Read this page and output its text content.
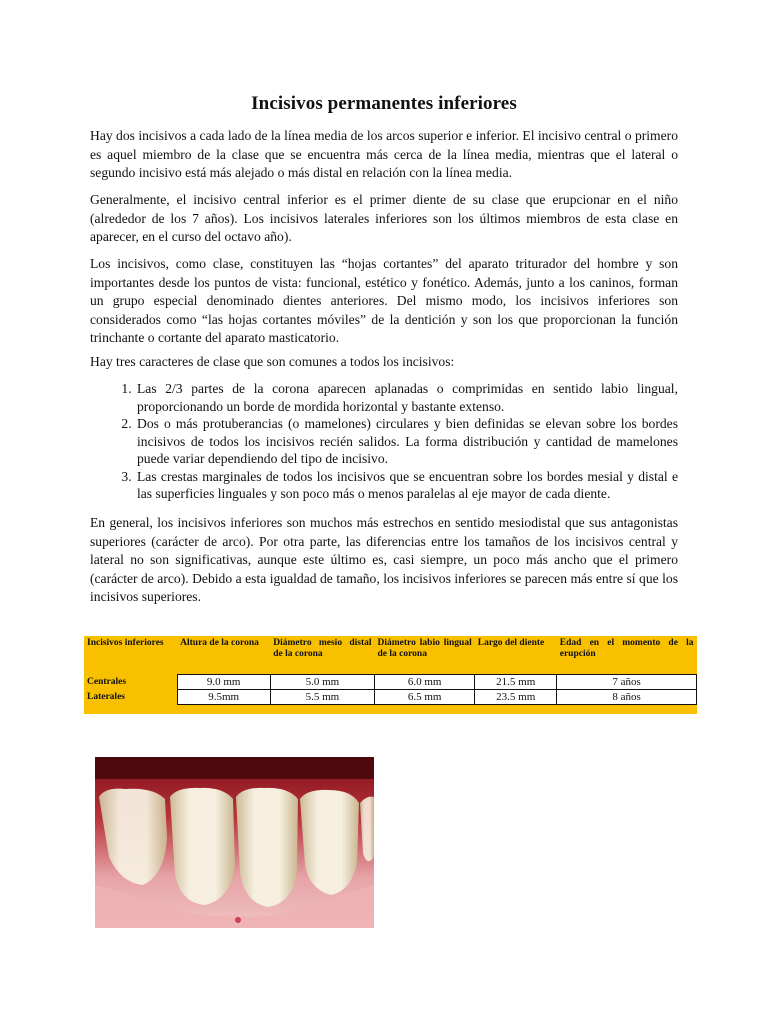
Incisivos permanentes inferiores

Hay dos incisivos a cada lado de la línea media de los arcos superior e inferior. El incisivo central o primero es aquel miembro de la clase que se encuentra más cerca de la línea media, mientras que el lateral o segundo incisivo está más alejado o más distal en relación con la línea media.

Generalmente, el incisivo central inferior es el primer diente de su clase que erupcionar en el niño (alrededor de los 7 años). Los incisivos laterales inferiores son los últimos miembros de esta clase en aparecer, en el curso del octavo año).

Los incisivos, como clase, constituyen las “hojas cortantes” del aparato triturador del hombre y son importantes desde los puntos de vista: funcional, estético y fonético. Además, junto a los caninos, forman un grupo especial denominado dientes anteriores. Del mismo modo, los incisivos inferiores son considerados como “las hojas cortantes móviles” de la dentición y son los que proporcionan la función trinchante o cortante del aparato masticatorio.

Hay tres caracteres de clase que son comunes a todos los incisivos:

1. Las 2/3 partes de la corona aparecen aplanadas o comprimidas en sentido labio lingual, proporcionando un borde de mordida horizontal y bastante extenso.
2. Dos o más protuberancias (o mamelones) circulares y bien definidas se elevan sobre los bordes incisivos de todos los incisivos recién salidos. La forma distribución y cantidad de mamelones puede variar dependiendo del tipo de incisivo.
3. Las crestas marginales de todos los incisivos que se encuentran sobre los bordes mesial y distal e las superficies linguales y son poco más o menos paralelas al eje mayor de cada diente.

En general, los incisivos inferiores son muchos más estrechos en sentido mesiodistal que sus antagonistas superiores (carácter de arco). Por otra parte, las diferencias entre los tamaños de los incisivos central y lateral no son significativas, aunque este último es, casi siempre, un poco más ancho que el primero (carácter de arco). Debido a esta igualdad de tamaño, los incisivos inferiores se parecen más entre sí que los incisivos superiores.

Incisivos inferiores	Altura de la corona	Diámetro mesio distal de la corona	Diámetro labio lingual de la corona	Largo del diente	Edad en el momento de la erupción
Centrales	9.0 mm	5.0 mm	6.0 mm	21.5 mm	7 años
Laterales	9.5mm	5.5 mm	6.5 mm	23.5 mm	8 años
